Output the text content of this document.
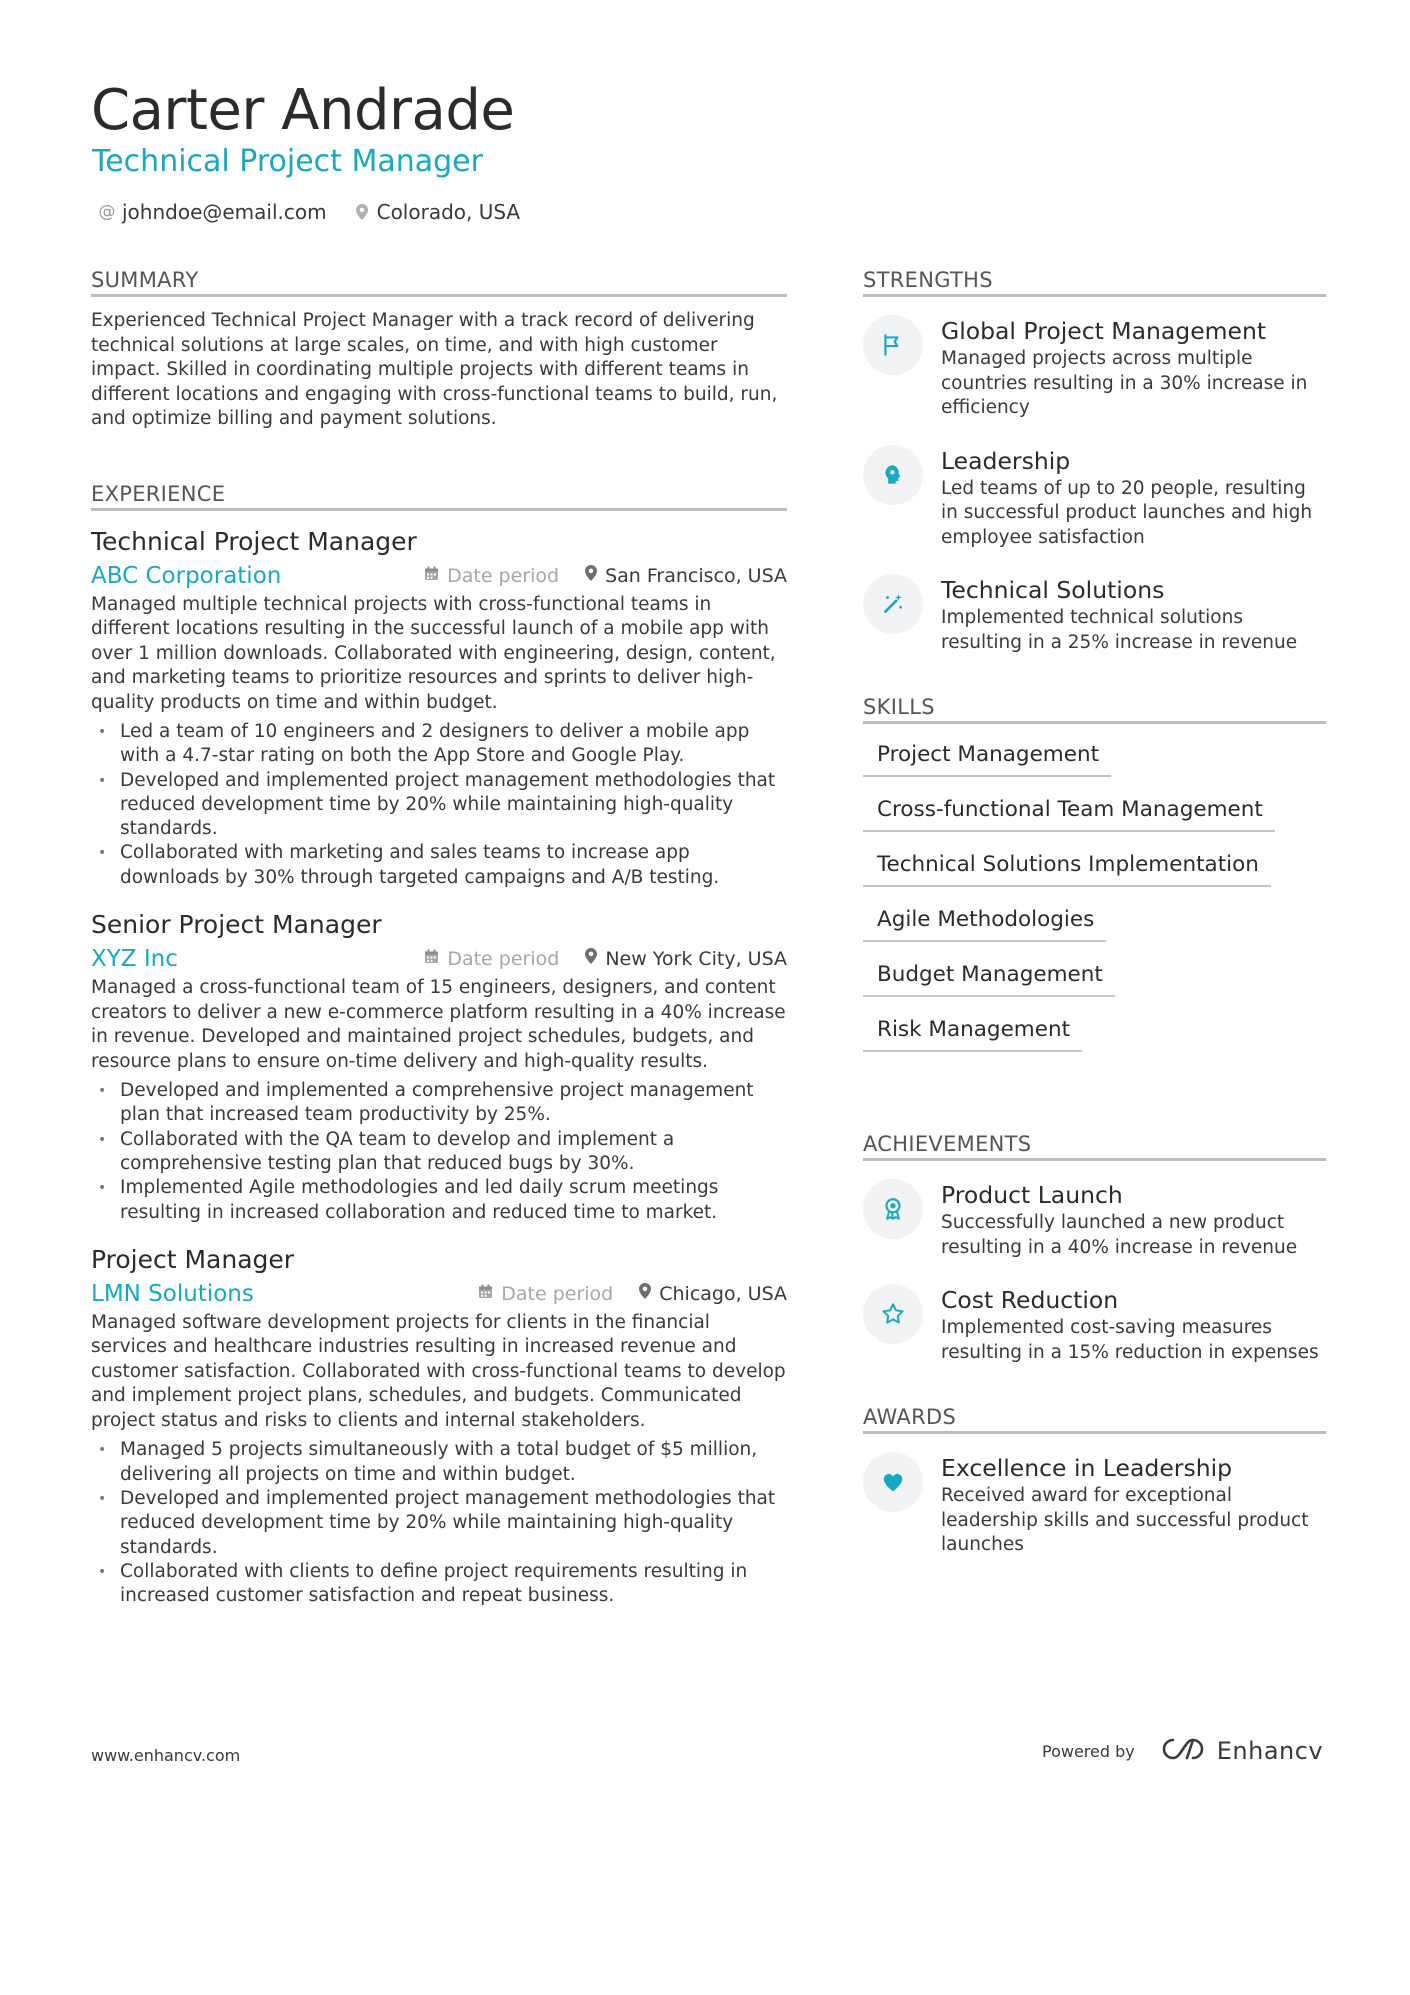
Carter Andrade
Technical Project Manager
@ johndoe@email.com	Colorado, USA
SUMMARY

Experienced Technical Project Manager with a track record of delivering technical solutions at large scales, on time, and with high customer impact. Skilled in coordinating multiple projects with different teams in different locations and engaging with cross-functional teams to build, run, and optimize billing and payment solutions.

EXPERIENCE
Technical Project Manager
ABC Corporation	Date period San Francisco, USA

Managed multiple technical projects with cross-functional teams in different locations resulting in the successful launch of a mobile app with over 1 million downloads. Collaborated with engineering, design, content, and marketing teams to prioritize resources and sprints to deliver high-quality products on time and within budget.

• Led a team of 10 engineers and 2 designers to deliver a mobile app with a 4.7-star rating on both the App Store and Google Play.
• Developed and implemented project management methodologies that reduced development time by 20% while maintaining high-quality standards.
• Collaborated with marketing and sales teams to increase app downloads by 30% through targeted campaigns and A/B testing.
Senior Project Manager
XYZ Inc	Date period New York City, USA

Managed a cross-functional team of 15 engineers, designers, and content creators to deliver a new e-commerce platform resulting in a 40% increase in revenue. Developed and maintained project schedules, budgets, and resource plans to ensure on-time delivery and high-quality results.

• Developed and implemented a comprehensive project management plan that increased team productivity by 25%.
• Collaborated with the QA team to develop and implement a comprehensive testing plan that reduced bugs by 30%.
• Implemented Agile methodologies and led daily scrum meetings resulting in increased collaboration and reduced time to market.
Project Manager
LMN Solutions	Date period Chicago, USA

Managed software development projects for clients in the financial services and healthcare industries resulting in increased revenue and customer satisfaction. Collaborated with cross-functional teams to develop and implement project plans, schedules, and budgets. Communicated project status and risks to clients and internal stakeholders.

• Managed 5 projects simultaneously with a total budget of $5 million, delivering all projects on time and within budget.
• Developed and implemented project management methodologies that reduced development time by 20% while maintaining high-quality standards.
• Collaborated with clients to define project requirements resulting in increased customer satisfaction and repeat business.
STRENGTHS
Global Project Management
Managed projects across multiple countries resulting in a 30% increase in efficiency
Leadership
Led teams of up to 20 people, resulting in successful product launches and high employee satisfaction
Technical Solutions
Implemented technical solutions resulting in a 25% increase in revenue
SKILLS
Project Management
Cross-functional Team Management
Technical Solutions Implementation
Agile Methodologies
Budget Management
Risk Management
ACHIEVEMENTS
Product Launch
Successfully launched a new product resulting in a 40% increase in revenue
Cost Reduction
Implemented cost-saving measures resulting in a 15% reduction in expenses
AWARDS
Excellence in Leadership
Received award for exceptional leadership skills and successful product launches
www.enhancv.com	Powered by	Enhancv
